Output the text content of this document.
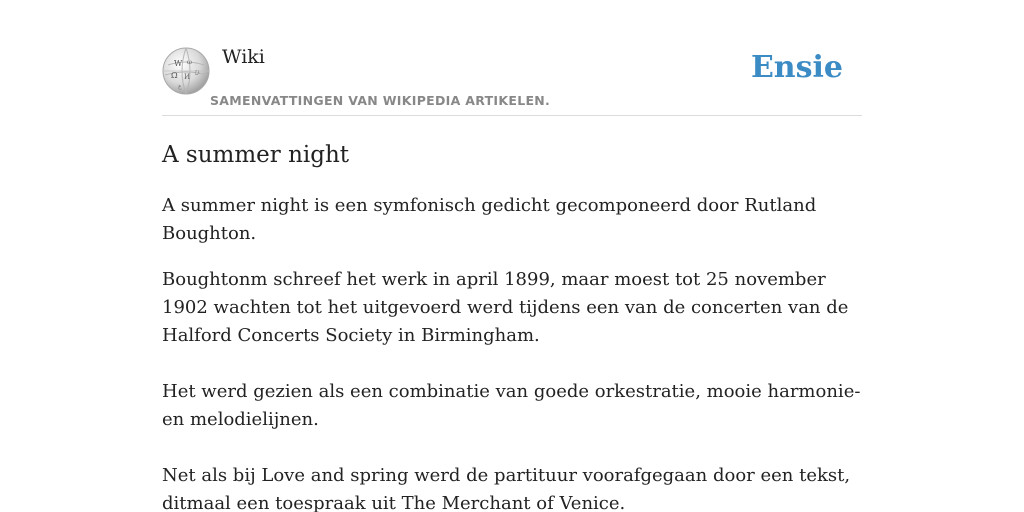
W ω
Ω И ひ
ع
Wiki
SAMENVATTINGEN VAN WIKIPEDIA ARTIKELEN.
Ensie
A summer night

A summer night is een symfonisch gedicht gecomponeerd door Rutland Boughton.

Boughtonm schreef het werk in april 1899, maar moest tot 25 november 1902 wachten tot het uitgevoerd werd tijdens een van de concerten van de Halford Concerts Society in Birmingham.

Het werd gezien als een combinatie van goede orkestratie, mooie harmonie- en melodielijnen.

Net als bij Love and spring werd de partituur voorafgegaan door een tekst, ditmaal een toespraak uit The Merchant of Venice.
